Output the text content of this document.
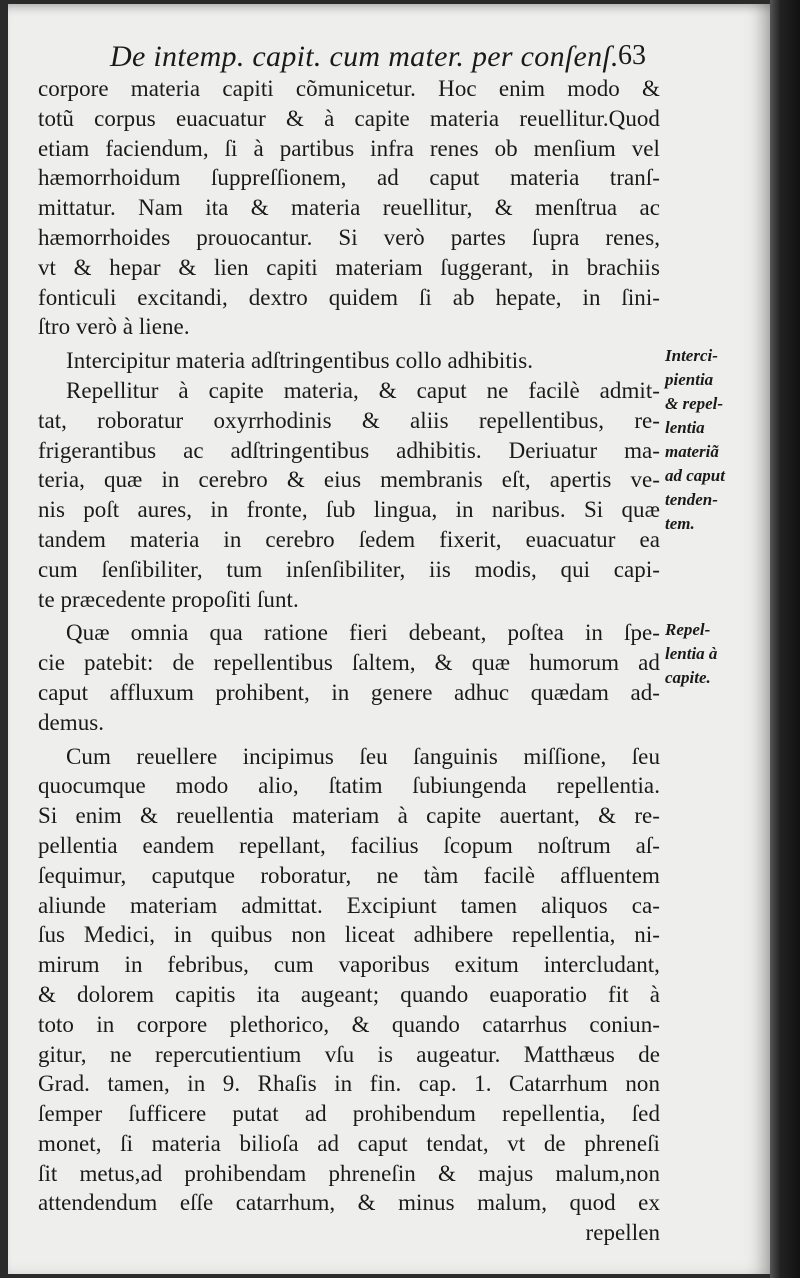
De intemp. capit. cum mater. per conſenſ. 63
corpore materia capiti cõmunicetur. Hoc enim modo &
totũ corpus euacuatur & à capite materia reuellitur.Quod
etiam faciendum, ſi à partibus infra renes ob menſium vel
hæmorrhoidum ſuppreſſionem, ad caput materia tranſ-
mittatur. Nam ita & materia reuellitur, & menſtrua ac
hæmorrhoides prouocantur. Si verò partes ſupra renes,
vt & hepar & lien capiti materiam ſuggerant, in brachiis
fonticuli excitandi, dextro quidem ſi ab hepate, in ſini-
ſtro verò à liene.
Intercipitur materia adſtringentibus collo adhibitis.
Repellitur à capite materia, & caput ne facilè admit-
tat, roboratur oxyrrhodinis & aliis repellentibus, re-
frigerantibus ac adſtringentibus adhibitis. Deriuatur ma-
teria, quæ in cerebro & eius membranis eſt, apertis ve-
nis poſt aures, in fronte, ſub lingua, in naribus. Si quæ
tandem materia in cerebro ſedem fixerit, euacuatur ea
cum ſenſibiliter, tum inſenſibiliter, iis modis, qui capi-
te præcedente propoſiti ſunt.
Quæ omnia qua ratione fieri debeant, poſtea in ſpe-
cie patebit: de repellentibus ſaltem, & quæ humorum ad
caput affluxum prohibent, in genere adhuc quædam ad-
demus.
Cum reuellere incipimus ſeu ſanguinis miſſione, ſeu
quocumque modo alio, ſtatim ſubiungenda repellentia.
Si enim & reuellentia materiam à capite auertant, & re-
pellentia eandem repellant, facilius ſcopum noſtrum aſ-
ſequimur, caputque roboratur, ne tàm facilè affluentem
aliunde materiam admittat. Excipiunt tamen aliquos ca-
ſus Medici, in quibus non liceat adhibere repellentia, ni-
mirum in febribus, cum vaporibus exitum intercludant,
& dolorem capitis ita augeant; quando euaporatio fit à
toto in corpore plethorico, & quando catarrhus coniun-
gitur, ne repercutientium vſu is augeatur. Matthæus de
Grad. tamen, in 9. Rhaſis in fin. cap. 1. Catarrhum non
ſemper ſufficere putat ad prohibendum repellentia, ſed
monet, ſi materia bilioſa ad caput tendat, vt de phreneſi
ſit metus,ad prohibendam phreneſin & majus malum,non
attendendum eſſe catarrhum, & minus malum, quod ex
repellen
Interci-
pientia
& repel-
lentia
materiã
ad caput
tenden-
tem.
Repel-
lentia à
capite.
